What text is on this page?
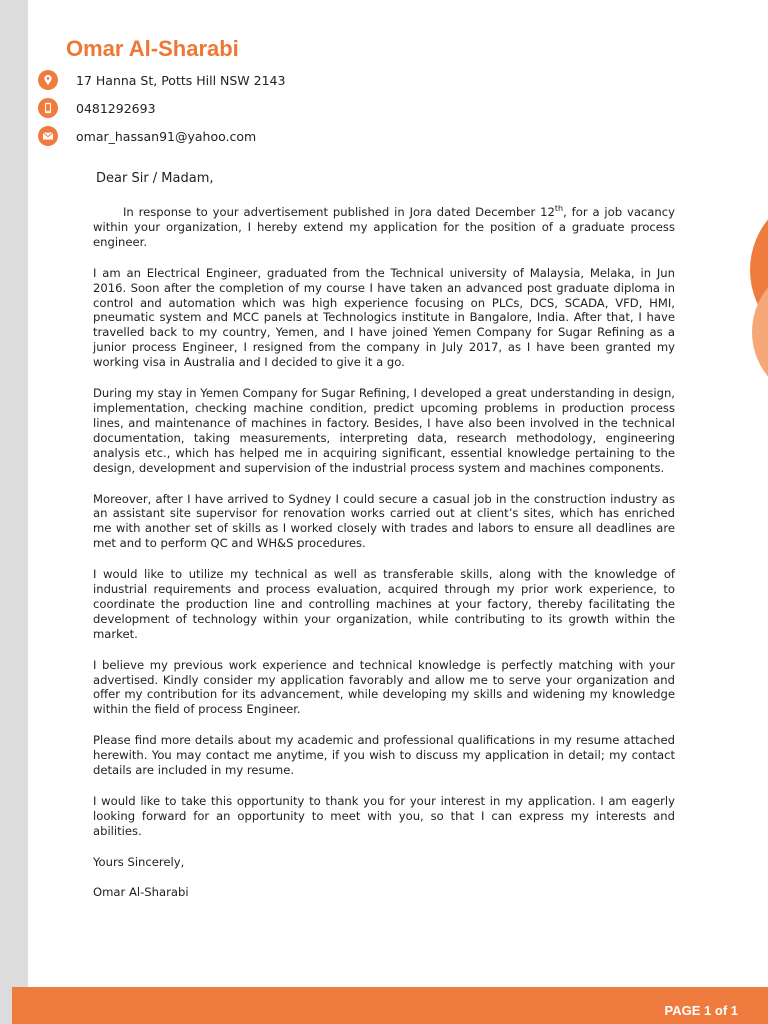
Omar Al-Sharabi
17 Hanna St, Potts Hill NSW 2143
0481292693
omar_hassan91@yahoo.com
Dear Sir / Madam,

In response to your advertisement published in Jora dated December 12th, for a job vacancy within your organization, I hereby extend my application for the position of a graduate process engineer.

I am an Electrical Engineer, graduated from the Technical university of Malaysia, Melaka, in Jun 2016. Soon after the completion of my course I have taken an advanced post graduate diploma in control and automation which was high experience focusing on PLCs, DCS, SCADA, VFD, HMI, pneumatic system and MCC panels at Technologics institute in Bangalore, India. After that, I have travelled back to my country, Yemen, and I have joined Yemen Company for Sugar Refining as a junior process Engineer, I resigned from the company in July 2017, as I have been granted my working visa in Australia and I decided to give it a go.

During my stay in Yemen Company for Sugar Refining, I developed a great understanding in design, implementation, checking machine condition, predict upcoming problems in production process lines, and maintenance of machines in factory. Besides, I have also been involved in the technical documentation, taking measurements, interpreting data, research methodology, engineering analysis etc., which has helped me in acquiring significant, essential knowledge pertaining to the design, development and supervision of the industrial process system and machines components.

Moreover, after I have arrived to Sydney I could secure a casual job in the construction industry as an assistant site supervisor for renovation works carried out at client’s sites, which has enriched me with another set of skills as I worked closely with trades and labors to ensure all deadlines are met and to perform QC and WH&S procedures.

I would like to utilize my technical as well as transferable skills, along with the knowledge of industrial requirements and process evaluation, acquired through my prior work experience, to coordinate the production line and controlling machines at your factory, thereby facilitating the development of technology within your organization, while contributing to its growth within the market.

I believe my previous work experience and technical knowledge is perfectly matching with your advertised. Kindly consider my application favorably and allow me to serve your organization and offer my contribution for its advancement, while developing my skills and widening my knowledge within the field of process Engineer.

Please find more details about my academic and professional qualifications in my resume attached herewith. You may contact me anytime, if you wish to discuss my application in detail; my contact details are included in my resume.

I would like to take this opportunity to thank you for your interest in my application. I am eagerly looking forward for an opportunity to meet with you, so that I can express my interests and abilities.

Yours Sincerely,

Omar Al-Sharabi

PAGE 1 of 1
